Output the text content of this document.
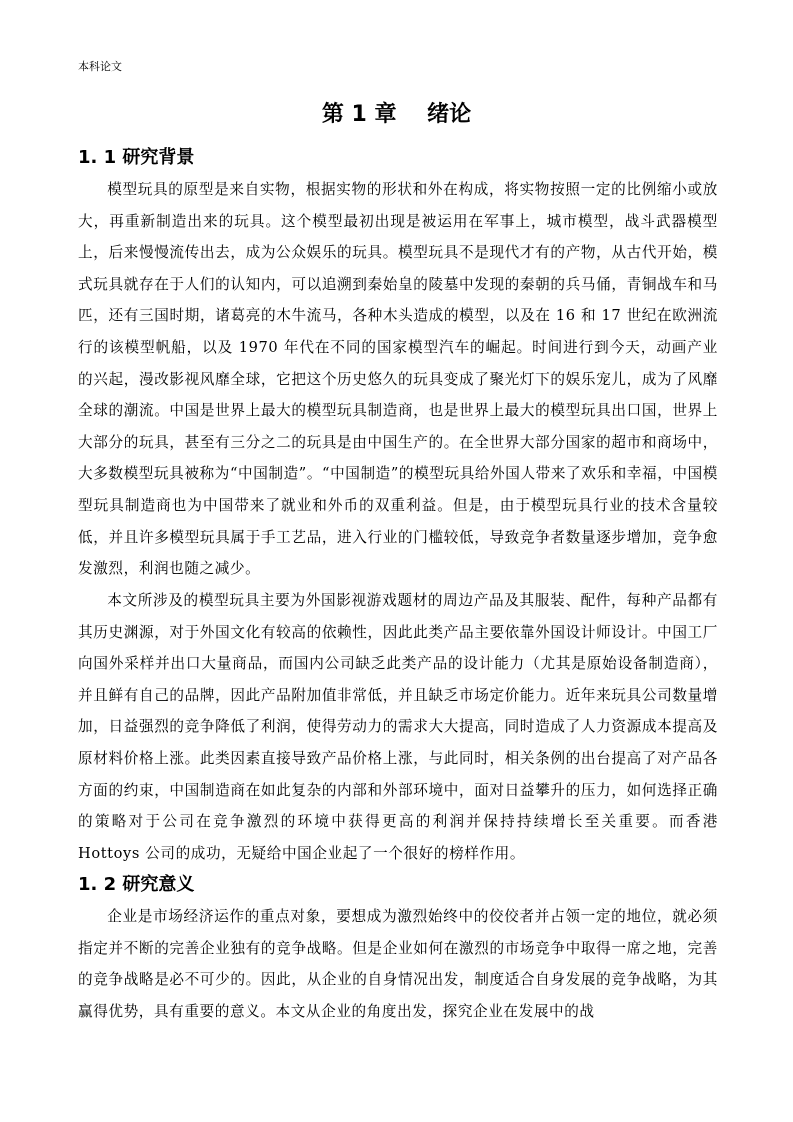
本科论文
第 1 章    绪论
1. 1 研究背景

模型玩具的原型是来自实物，根据实物的形状和外在构成，将实物按照一定的比例缩小或放大，再重新制造出来的玩具。这个模型最初出现是被运用在军事上，城市模型，战斗武器模型上，后来慢慢流传出去，成为公众娱乐的玩具。模型玩具不是现代才有的产物，从古代开始，模式玩具就存在于人们的认知内，可以追溯到秦始皇的陵墓中发现的秦朝的兵马俑，青铜战车和马匹，还有三国时期，诸葛亮的木牛流马，各种木头造成的模型，以及在 16 和 17 世纪在欧洲流行的该模型帆船，以及 1970 年代在不同的国家模型汽车的崛起。时间进行到今天，动画产业的兴起，漫改影视风靡全球，它把这个历史悠久的玩具变成了聚光灯下的娱乐宠儿，成为了风靡全球的潮流。中国是世界上最大的模型玩具制造商，也是世界上最大的模型玩具出口国，世界上大部分的玩具，甚至有三分之二的玩具是由中国生产的。在全世界大部分国家的超市和商场中，大多数模型玩具被称为“中国制造”。“中国制造”的模型玩具给外国人带来了欢乐和幸福，中国模型玩具制造商也为中国带来了就业和外币的双重利益。但是，由于模型玩具行业的技术含量较低，并且许多模型玩具属于手工艺品，进入行业的门槛较低，导致竞争者数量逐步增加，竞争愈发激烈，利润也随之减少。

本文所涉及的模型玩具主要为外国影视游戏题材的周边产品及其服装、配件，每种产品都有其历史渊源，对于外国文化有较高的依赖性，因此此类产品主要依靠外国设计师设计。中国工厂向国外采样并出口大量商品，而国内公司缺乏此类产品的设计能力（尤其是原始设备制造商），并且鲜有自己的品牌，因此产品附加值非常低，并且缺乏市场定价能力。近年来玩具公司数量增加，日益强烈的竞争降低了利润，使得劳动力的需求大大提高，同时造成了人力资源成本提高及原材料价格上涨。此类因素直接导致产品价格上涨，与此同时，相关条例的出台提高了对产品各方面的约束，中国制造商在如此复杂的内部和外部环境中，面对日益攀升的压力，如何选择正确的策略对于公司在竞争激烈的环境中获得更高的利润并保持持续增长至关重要。而香港 Hottoys 公司的成功，无疑给中国企业起了一个很好的榜样作用。

1. 2 研究意义

企业是市场经济运作的重点对象，要想成为激烈始终中的佼佼者并占领一定的地位，就必须指定并不断的完善企业独有的竞争战略。但是企业如何在激烈的市场竞争中取得一席之地，完善的竞争战略是必不可少的。因此，从企业的自身情况出发，制度适合自身发展的竞争战略，为其赢得优势，具有重要的意义。本文从企业的角度出发，探究企业在发展中的战
